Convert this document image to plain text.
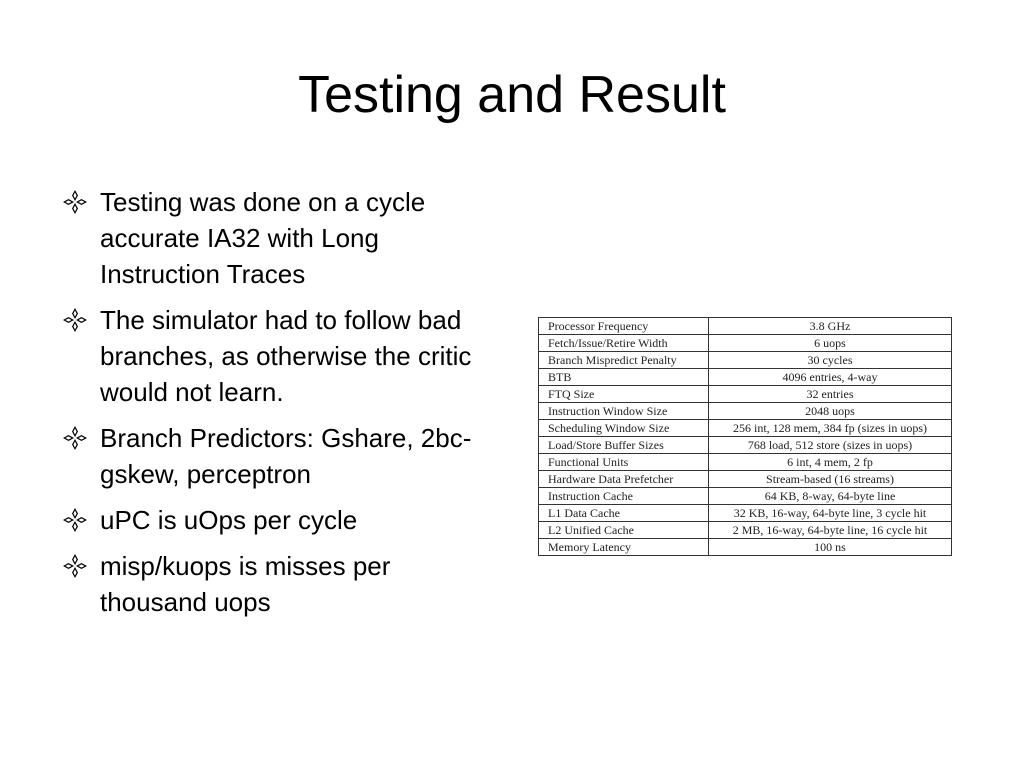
Testing and Result
Testing was done on a cycle accurate IA32 with Long Instruction Traces
The simulator had to follow bad branches, as otherwise the critic would not learn.
Branch Predictors: Gshare, 2bc-gskew, perceptron
uPC is uOps per cycle
misp/kuops is misses per thousand uops
Processor Frequency	3.8 GHz
Fetch/Issue/Retire Width	6 uops
Branch Mispredict Penalty	30 cycles
BTB	4096 entries, 4-way
FTQ Size	32 entries
Instruction Window Size	2048 uops
Scheduling Window Size	256 int, 128 mem, 384 fp (sizes in uops)
Load/Store Buffer Sizes	768 load, 512 store (sizes in uops)
Functional Units	6 int, 4 mem, 2 fp
Hardware Data Prefetcher	Stream-based (16 streams)
Instruction Cache	64 KB, 8-way, 64-byte line
L1 Data Cache	32 KB, 16-way, 64-byte line, 3 cycle hit
L2 Unified Cache	2 MB, 16-way, 64-byte line, 16 cycle hit
Memory Latency	100 ns
